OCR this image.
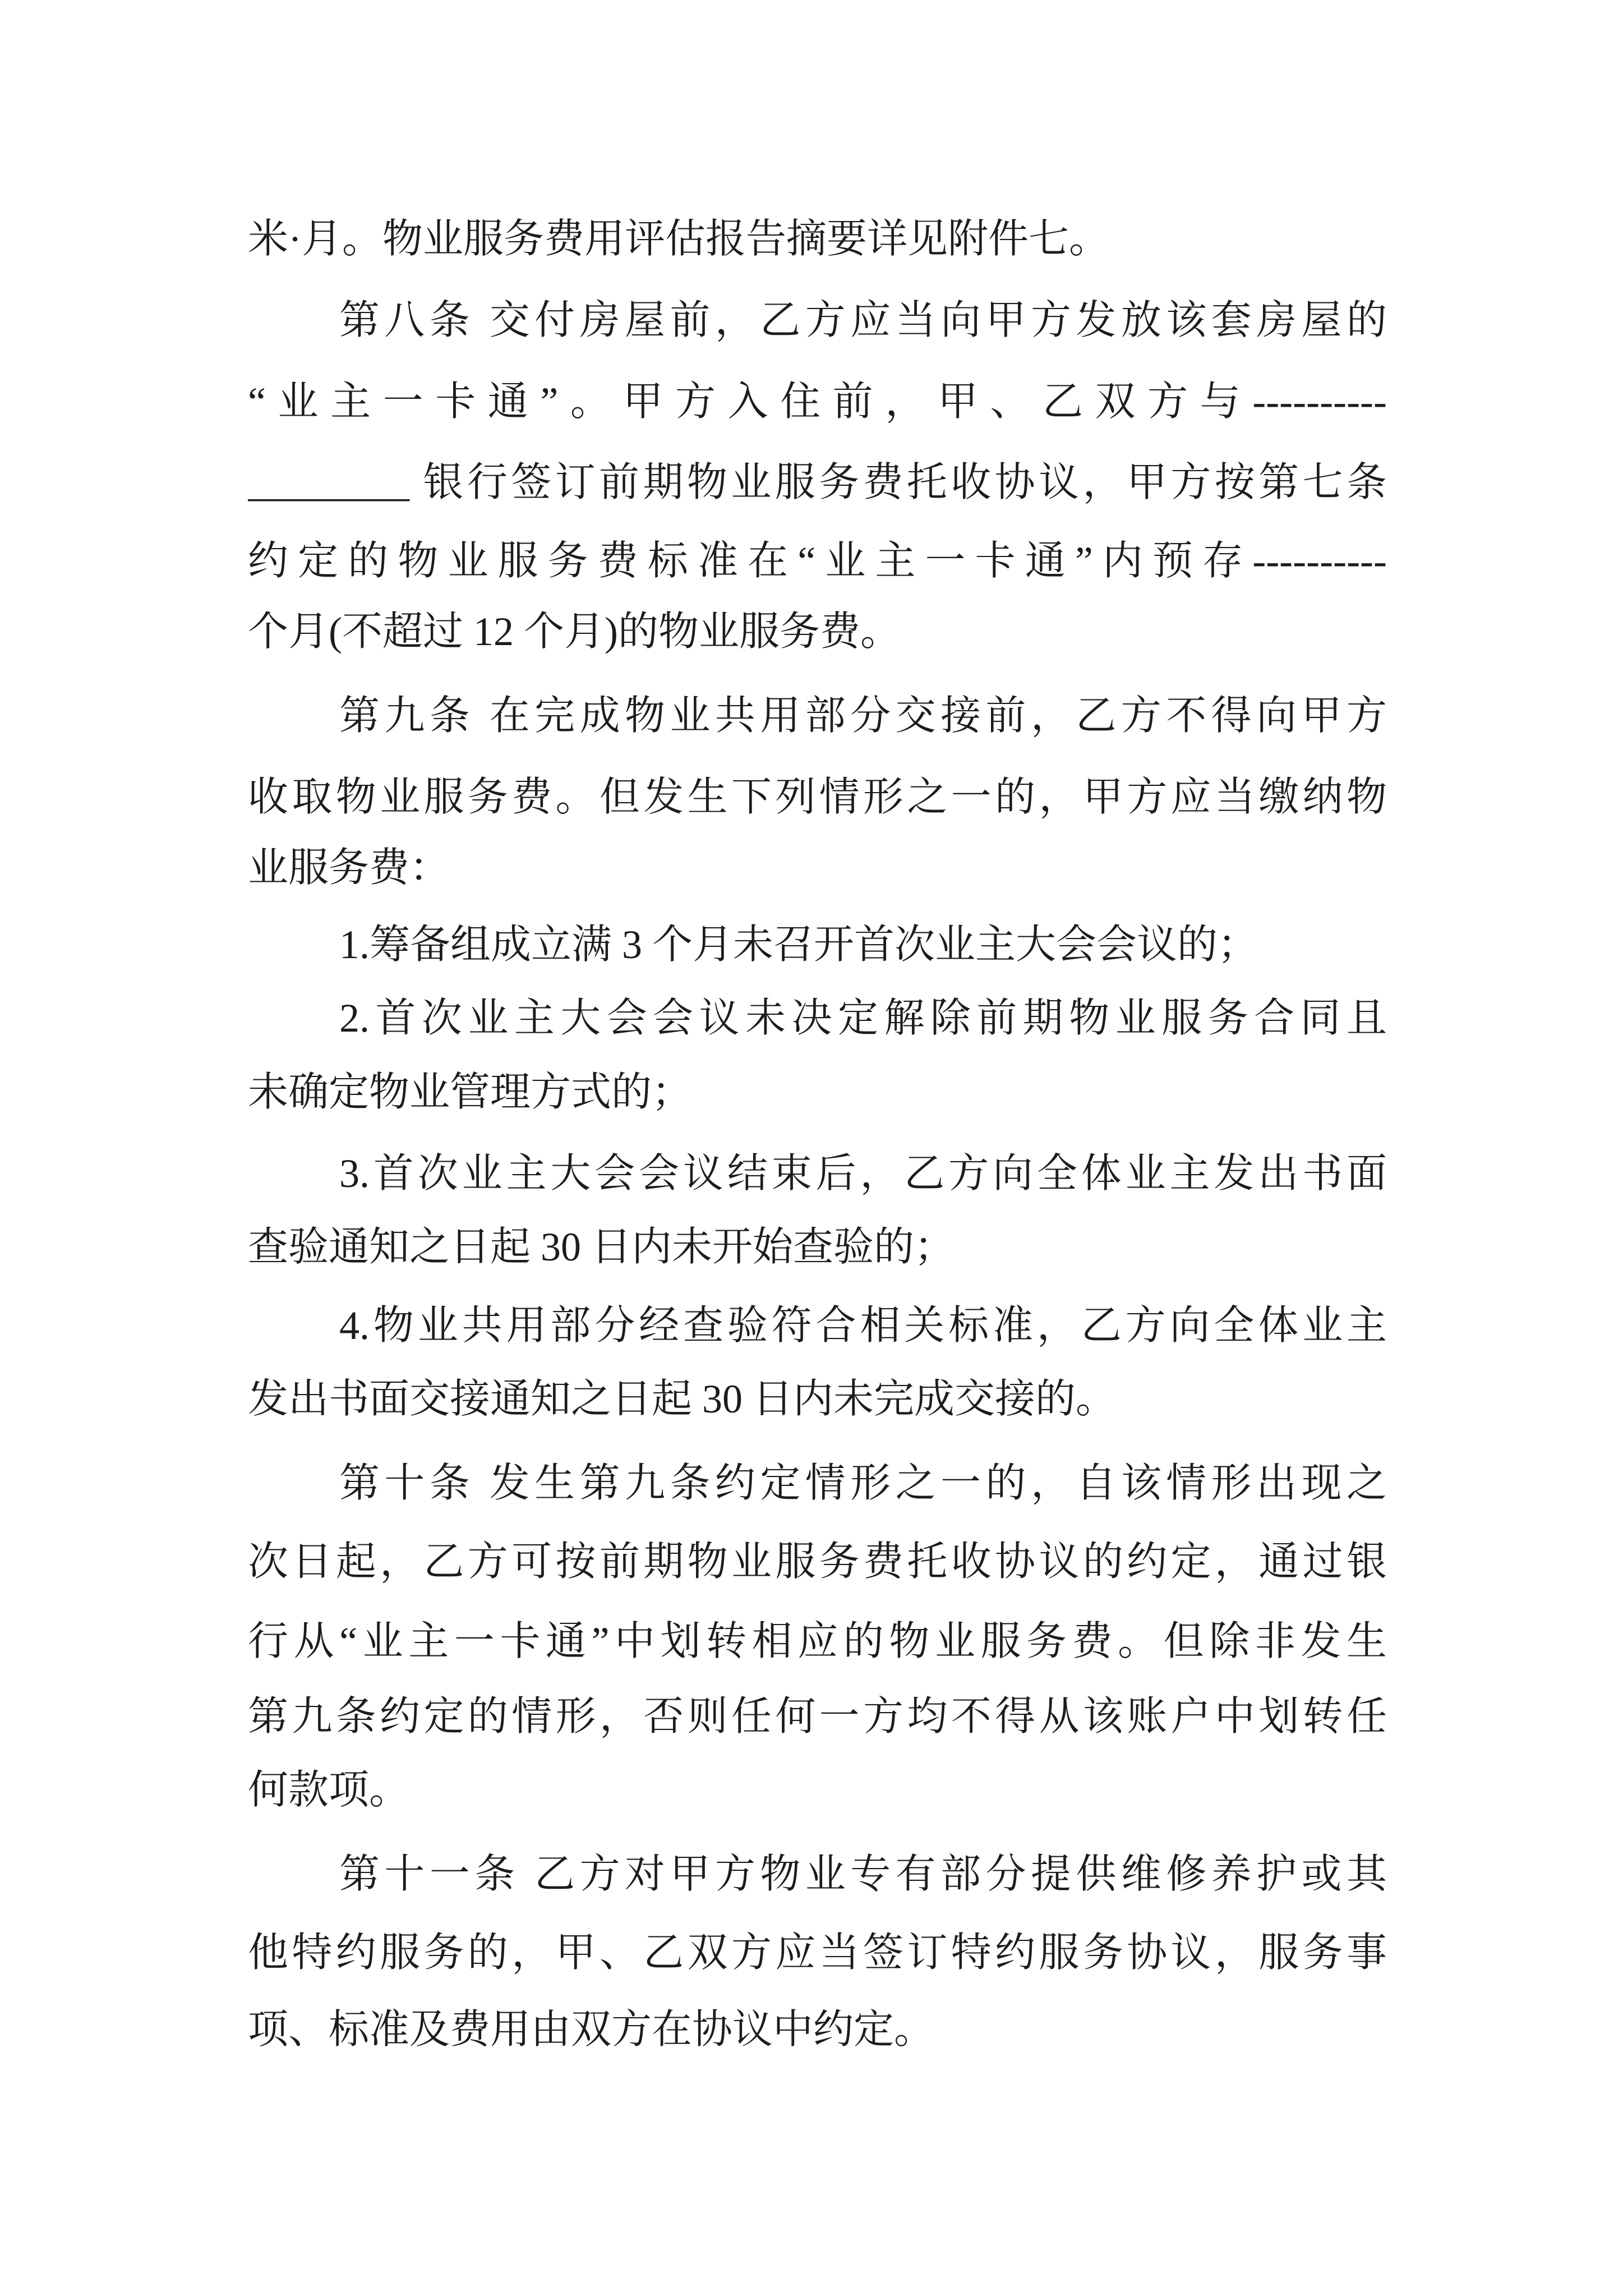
米·月。物业服务费用评估报告摘要详见附件七。
第八条 交付房屋前，乙方应当向甲方发放该套房屋的
“业主一卡通”。甲方入住前，甲、乙双方与----------
________ 银行签订前期物业服务费托收协议，甲方按第七条
约定的物业服务费标准在“业主一卡通”内预存----------
个月(不超过 12 个月)的物业服务费。
第九条 在完成物业共用部分交接前，乙方不得向甲方
收取物业服务费。但发生下列情形之一的，甲方应当缴纳物
业服务费：
1.筹备组成立满 3 个月未召开首次业主大会会议的；
2.首次业主大会会议未决定解除前期物业服务合同且
未确定物业管理方式的；
3.首次业主大会会议结束后，乙方向全体业主发出书面
查验通知之日起 30 日内未开始查验的；
4.物业共用部分经查验符合相关标准，乙方向全体业主
发出书面交接通知之日起 30 日内未完成交接的。
第十条 发生第九条约定情形之一的，自该情形出现之
次日起，乙方可按前期物业服务费托收协议的约定，通过银
行从“业主一卡通”中划转相应的物业服务费。但除非发生
第九条约定的情形，否则任何一方均不得从该账户中划转任
何款项。
第十一条 乙方对甲方物业专有部分提供维修养护或其
他特约服务的，甲、乙双方应当签订特约服务协议，服务事
项、标准及费用由双方在协议中约定。
